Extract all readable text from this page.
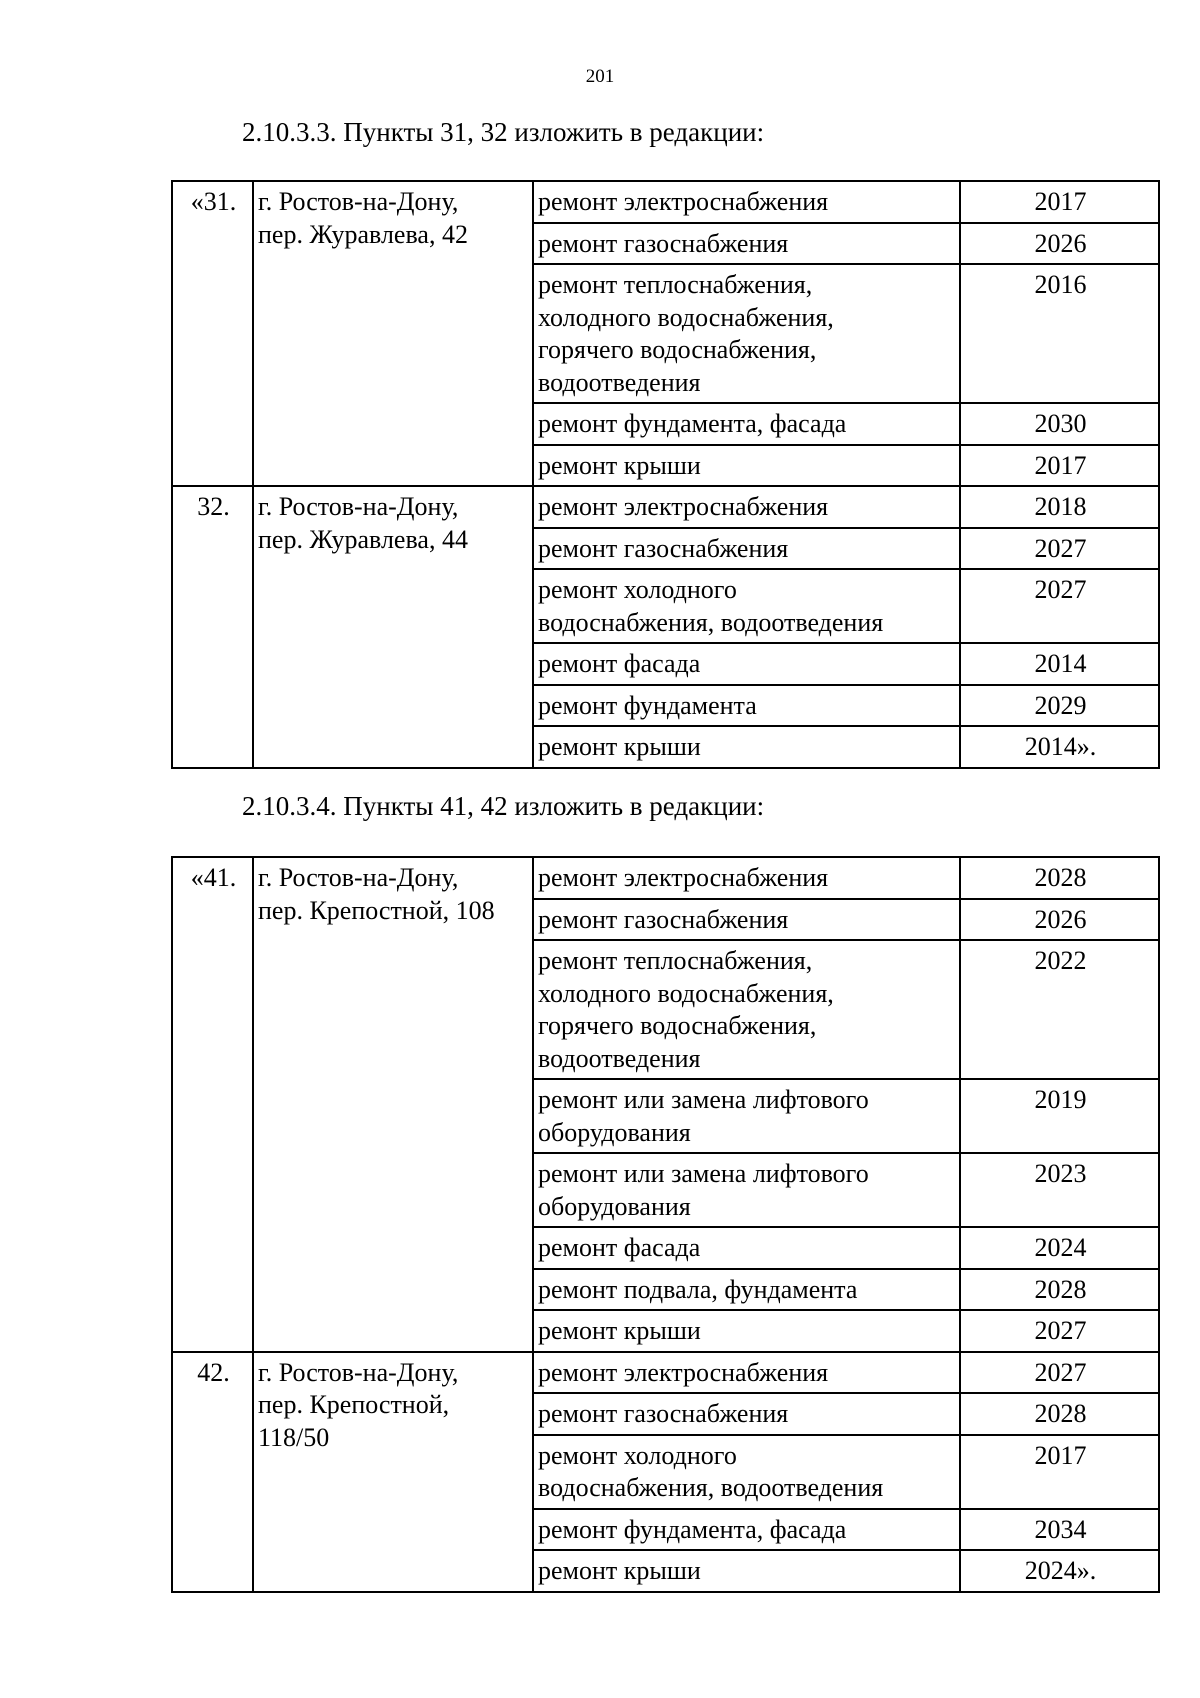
201
2.10.3.3. Пункты 31, 32 изложить в редакции:
«31.	г. Ростов-на-Дону,
пер. Журавлева, 42	ремонт электроснабжения	2017
		ремонт газоснабжения	2026
		ремонт теплоснабжения,
холодного водоснабжения,
горячего водоснабжения,
водоотведения	2016
		ремонт фундамента, фасада	2030
		ремонт крыши	2017
32.	г. Ростов-на-Дону,
пер. Журавлева, 44	ремонт электроснабжения	2018
		ремонт газоснабжения	2027
		ремонт холодного
водоснабжения, водоотведения	2027
		ремонт фасада	2014
		ремонт фундамента	2029
		ремонт крыши	2014».
2.10.3.4. Пункты 41, 42 изложить в редакции:
«41.	г. Ростов-на-Дону,
пер. Крепостной, 108	ремонт электроснабжения	2028
		ремонт газоснабжения	2026
		ремонт теплоснабжения,
холодного водоснабжения,
горячего водоснабжения,
водоотведения	2022
		ремонт или замена лифтового
оборудования	2019
		ремонт или замена лифтового
оборудования	2023
		ремонт фасада	2024
		ремонт подвала, фундамента	2028
		ремонт крыши	2027
42.	г. Ростов-на-Дону,
пер. Крепостной,
118/50	ремонт электроснабжения	2027
		ремонт газоснабжения	2028
		ремонт холодного
водоснабжения, водоотведения	2017
		ремонт фундамента, фасада	2034
		ремонт крыши	2024».
